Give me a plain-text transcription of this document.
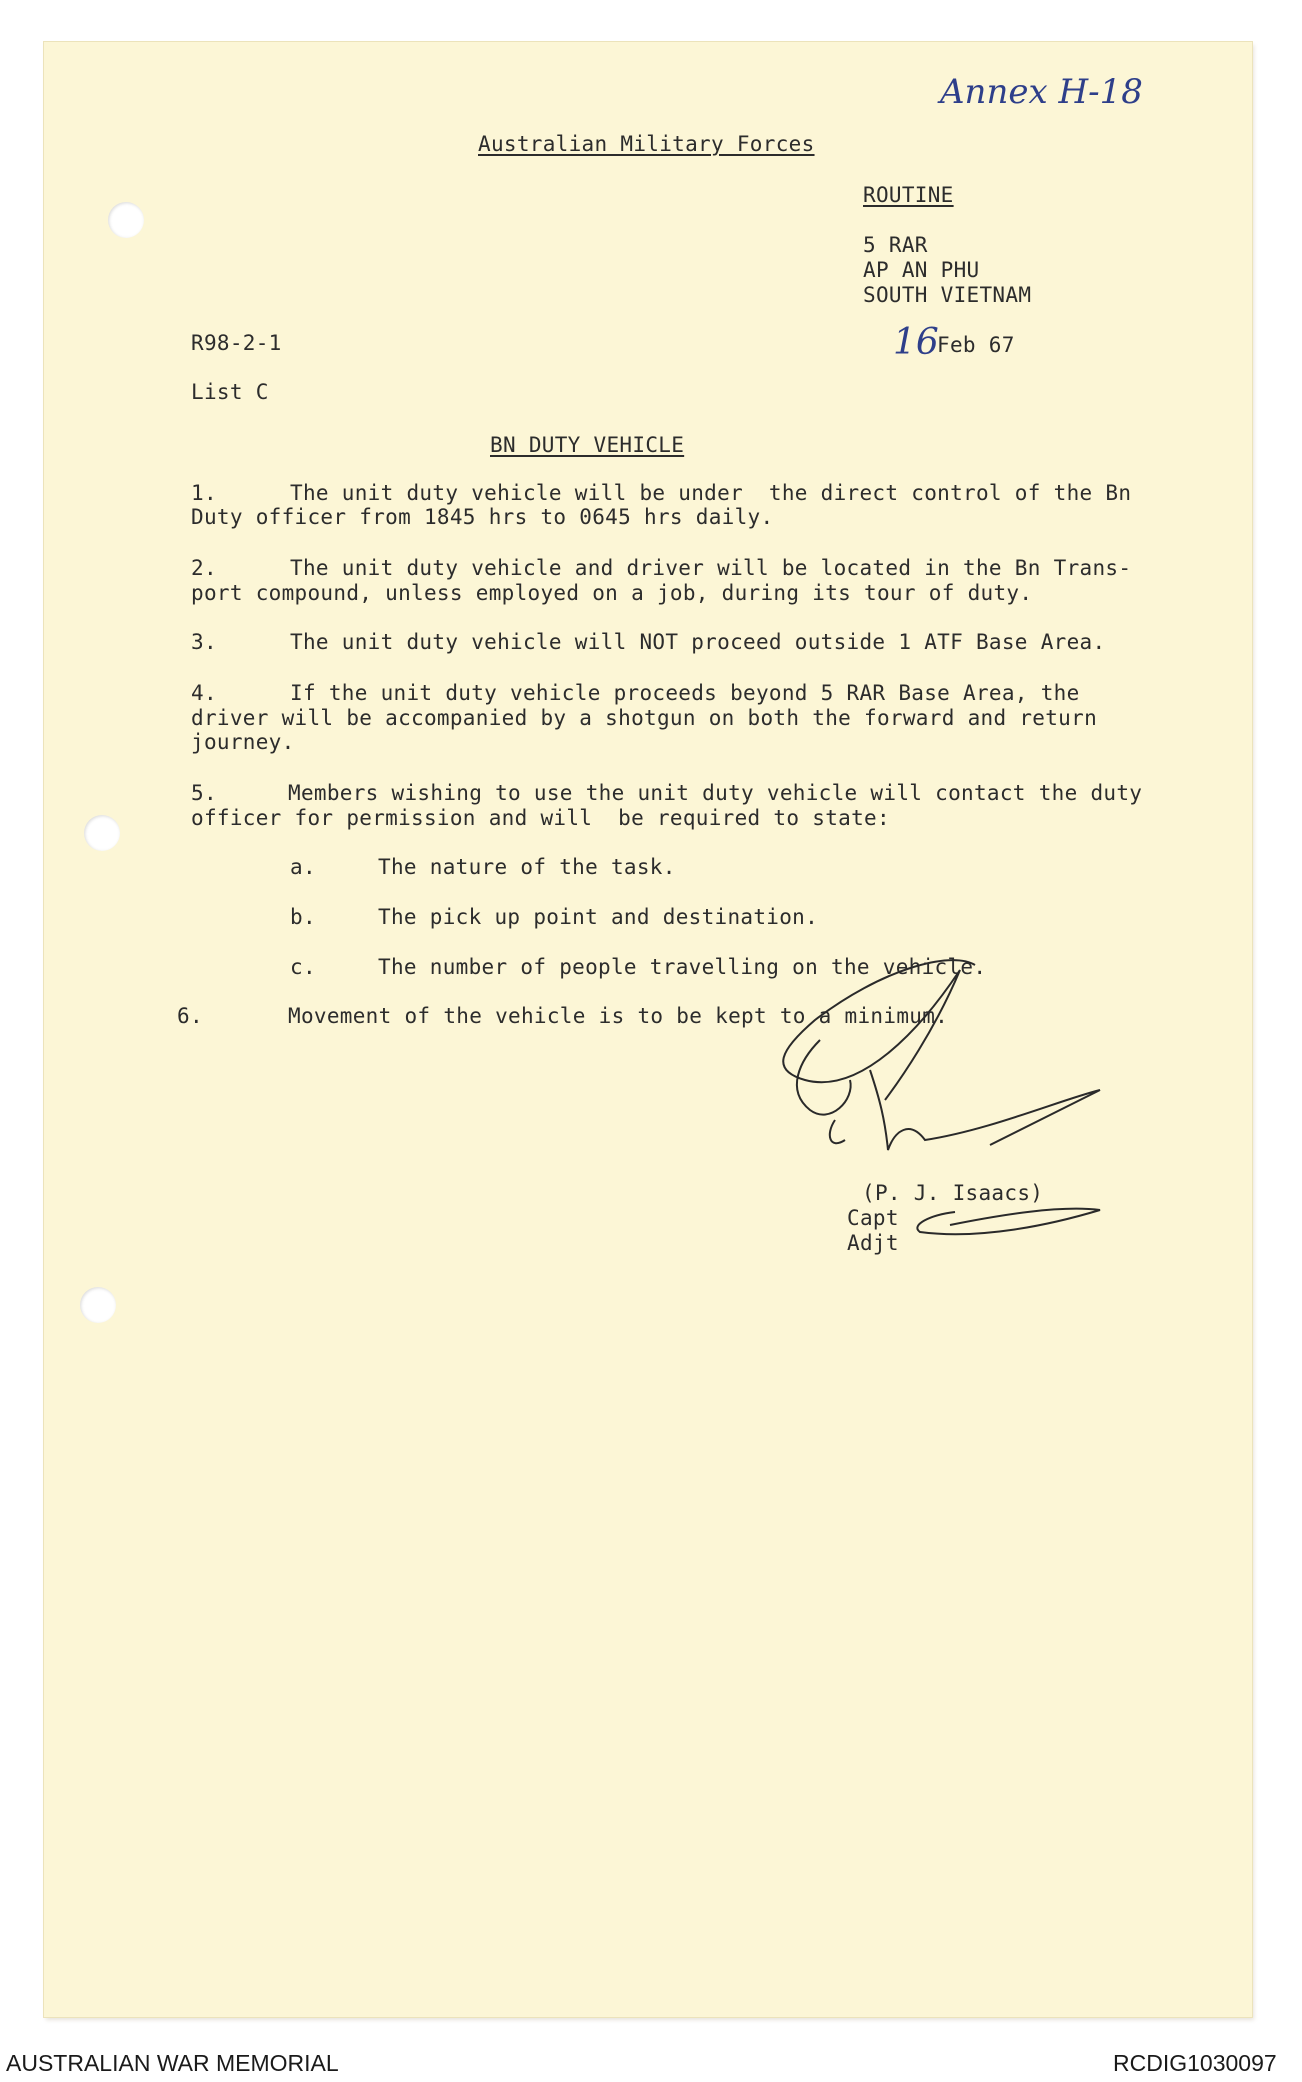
Annex H-18
Australian Military Forces
ROUTINE
5 RAR
AP AN PHU
SOUTH VIETNAM
R98-2-1	16
Feb 67
List C
BN DUTY VEHICLE
1.	The unit duty vehicle will be under  the direct control of the Bn
Duty officer from 1845 hrs to 0645 hrs daily.
2.	The unit duty vehicle and driver will be located in the Bn Trans-
port compound, unless employed on a job, during its tour of duty.
3.	The unit duty vehicle will NOT proceed outside 1 ATF Base Area.
4.	If the unit duty vehicle proceeds beyond 5 RAR Base Area, the
driver will be accompanied by a shotgun on both the forward and return
journey.
5.	Members wishing to use the unit duty vehicle will contact the duty
officer for permission and will  be required to state:
a.	The nature of the task.
b.	The pick up point and destination.
c.	The number of people travelling on the vehicle.
6.	Movement of the vehicle is to be kept to a minimum.
(P. J. Isaacs)
Capt
Adjt
AUSTRALIAN WAR MEMORIAL	RCDIG1030097
